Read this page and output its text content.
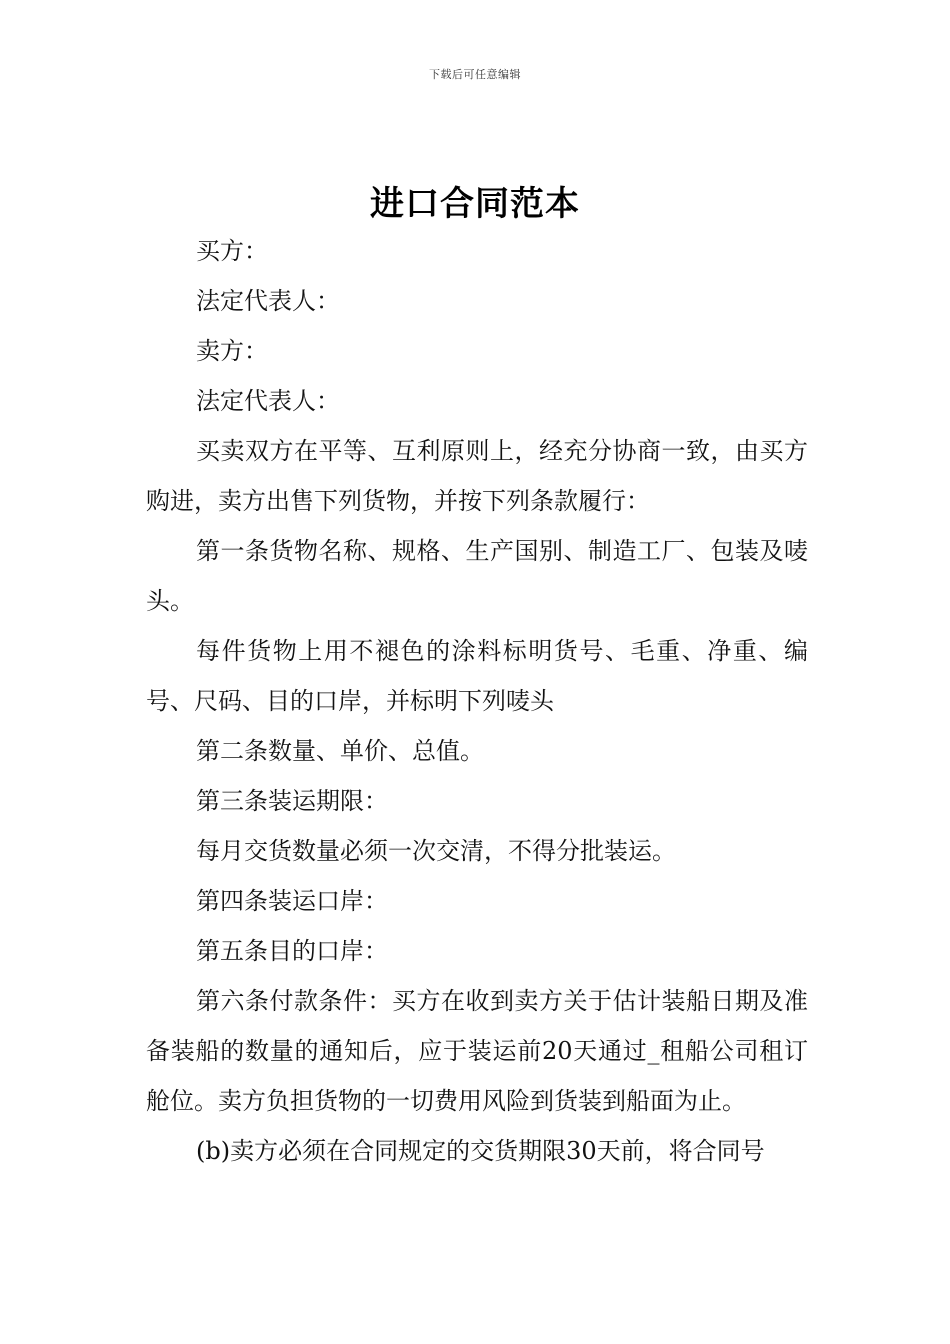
下载后可任意编辑
进口合同范本

买方：

法定代表人：

卖方：

法定代表人：

买卖双方在平等、互利原则上，经充分协商一致，由买方购进，卖方出售下列货物，并按下列条款履行：

第一条货物名称、规格、生产国别、制造工厂、包装及唛头。

每件货物上用不褪色的涂料标明货号、毛重、净重、编号、尺码、目的口岸，并标明下列唛头

第二条数量、单价、总值。

第三条装运期限：

每月交货数量必须一次交清，不得分批装运。

第四条装运口岸：

第五条目的口岸：

第六条付款条件：买方在收到卖方关于估计装船日期及准备装船的数量的通知后，应于装运前20天通过_租船公司租订舱位。卖方负担货物的一切费用风险到货装到船面为止。

(b)卖方必须在合同规定的交货期限30天前，将合同号
